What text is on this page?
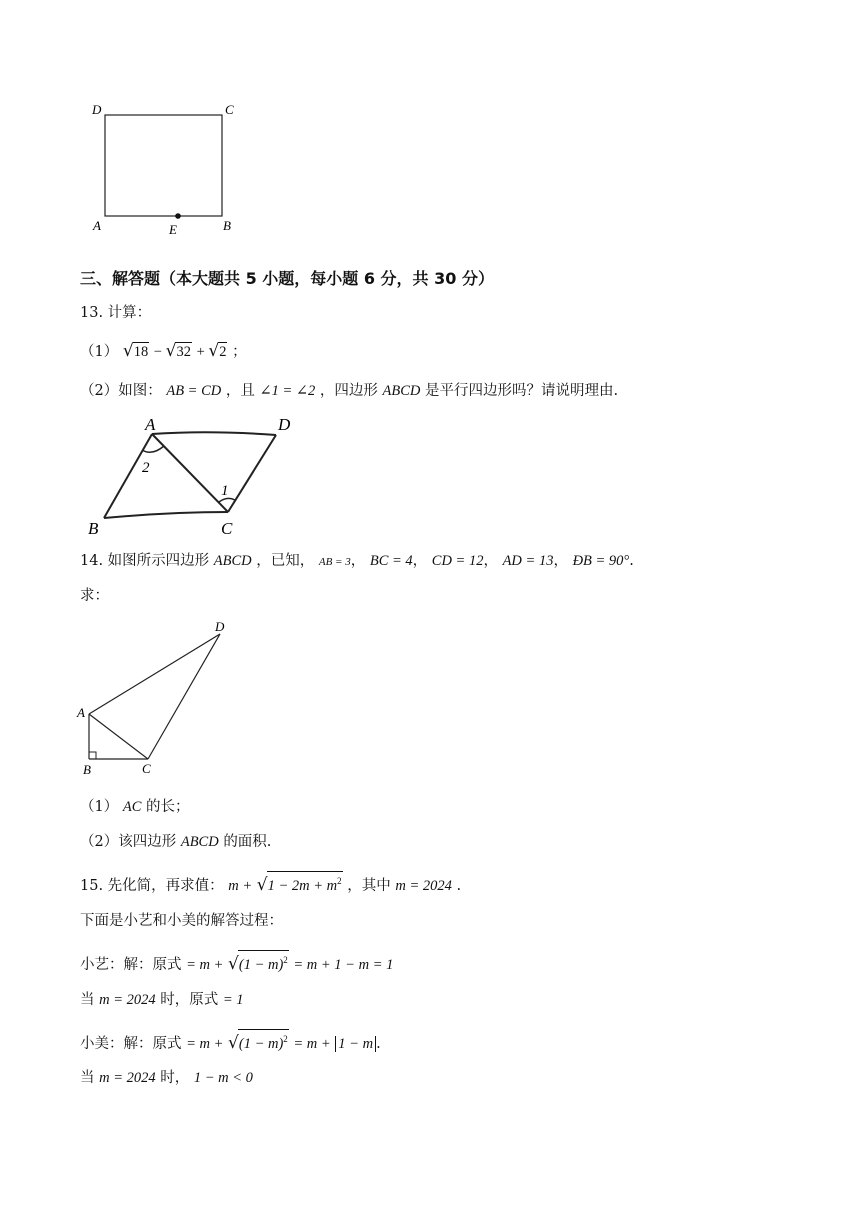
D	C
A	B
E
三、解答题（本大题共 5 小题，每小题 6 分，共 30 分）
13. 计算：
（1） √18 − √32 + √2 ；
（2）如图： AB = CD ，且 ∠1 = ∠2 ，四边形 ABCD 是平行四边形吗？请说明理由.
A	D
B	C
2
1
14. 如图所示四边形 ABCD ，已知， AB = 3， BC = 4， CD = 12， AD = 13， ÐB = 90°.
求：
D
A
B	C
（1） AC 的长；
（2）该四边形 ABCD 的面积.
15. 先化简，再求值： $m + √1 - 2m + m^2$ ，其中 m = 2024 .
下面是小艺和小美的解答过程：
小艺：解：原式 = $m + √(1 - m)^2 = m + 1 - m = 1$
当 m = 2024 时，原式 = 1
小美：解：原式 = $m + √(1 - m)^2 = m + 1 - m$ .
当 m = 2024 时， 1 − m < 0
